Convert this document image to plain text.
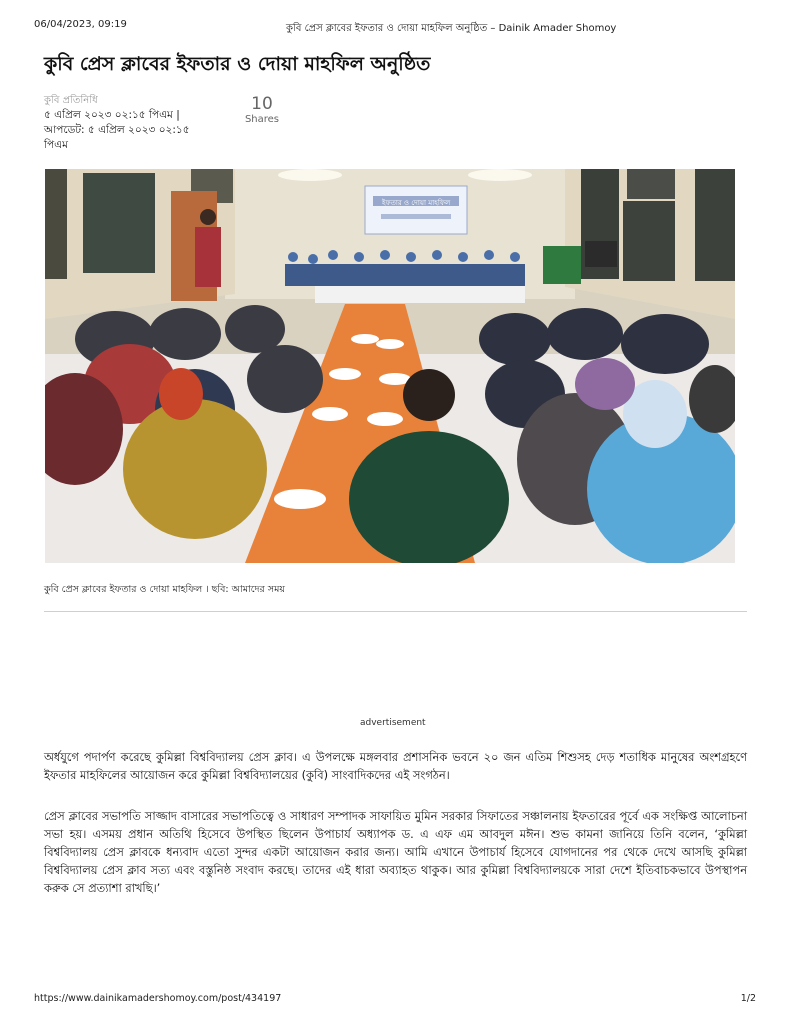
06/04/2023, 09:19	কুবি প্রেস ক্লাবের ইফতার ও দোয়া মাহফিল অনুষ্ঠিত – Dainik Amader Shomoy
কুবি প্রেস ক্লাবের ইফতার ও দোয়া মাহফিল অনুষ্ঠিত
কুবি প্রতিনিধি
৫ এপ্রিল ২০২৩ ০২:১৫ পিএম | আপডেট: ৫ এপ্রিল ২০২৩ ০২:১৫ পিএম
10
Shares
ইফতার ও দোয়া মাহফিল
কুবি প্রেস ক্লাবের ইফতার ও দোয়া মাহফিল । ছবি: আমাদের সময়
advertisement

অর্ধযুগে পদার্পণ করেছে কুমিল্লা বিশ্ববিদ্যালয় প্রেস ক্লাব। এ উপলক্ষে মঙ্গলবার প্রশাসনিক ভবনে ২০ জন এতিম শিশুসহ দেড় শতাধিক মানুষের অংশগ্রহণে ইফতার মাহফিলের আয়োজন করে কুমিল্লা বিশ্ববিদ্যালয়ের (কুবি) সাংবাদিকদের এই সংগঠন।

প্রেস ক্লাবের সভাপতি সাজ্জাদ বাসারের সভাপতিত্বে ও সাধারণ সম্পাদক সাফায়িত মুমিন সরকার সিফাতের সঞ্চালনায় ইফতারের পূর্বে এক সংক্ষিপ্ত আলোচনা সভা হয়। এসময় প্রধান অতিথি হিসেবে উপস্থিত ছিলেন উপাচার্য অধ্যাপক ড. এ এফ এম আবদুল মঈন। শুভ কামনা জানিয়ে তিনি বলেন, ‘কুমিল্লা বিশ্ববিদ্যালয় প্রেস ক্লাবকে ধন্যবাদ এতো সুন্দর একটা আয়োজন করার জন্য। আমি এখানে উপাচার্য হিসেবে যোগদানের পর থেকে দেখে আসছি কুমিল্লা বিশ্ববিদ্যালয় প্রেস ক্লাব সত্য এবং বস্তুনিষ্ঠ সংবাদ করছে। তাদের এই ধারা অব্যাহত থাকুক। আর কুমিল্লা বিশ্ববিদ্যালয়কে সারা দেশে ইতিবাচকভাবে উপস্থাপন করুক সে প্রত্যাশা রাখছি।’

https://www.dainikamadershomoy.com/post/434197	1/2
